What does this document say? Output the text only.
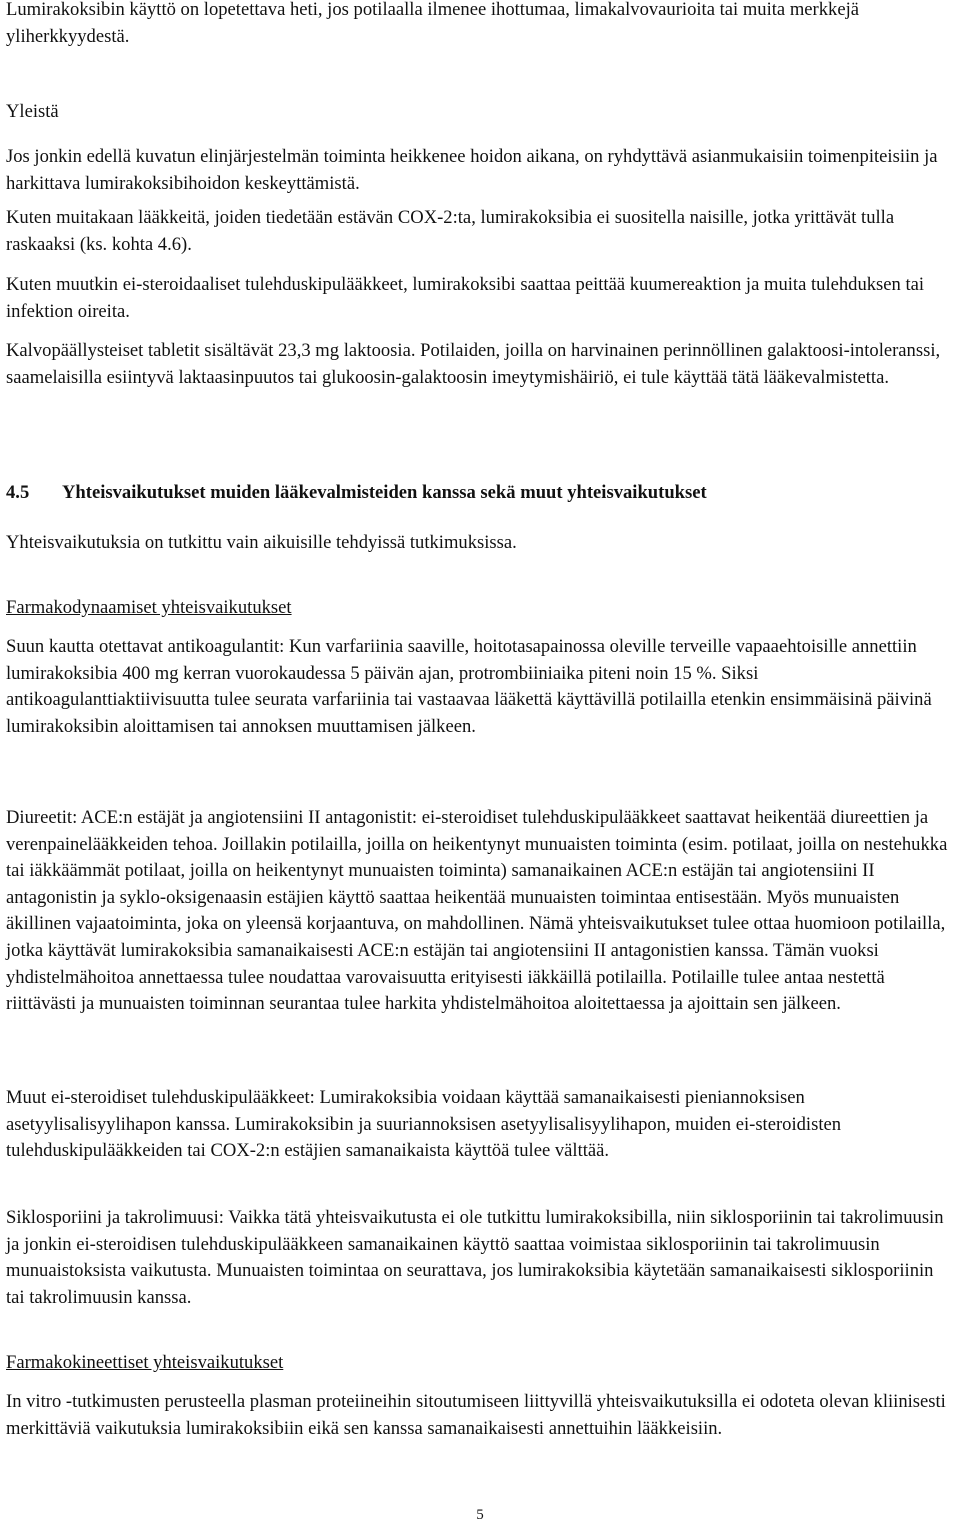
Lumirakoksibin käyttö on lopetettava heti, jos potilaalla ilmenee ihottumaa, limakalvovaurioita tai muita merkkejä yliherkkyydestä.

Yleistä

Jos jonkin edellä kuvatun elinjärjestelmän toiminta heikkenee hoidon aikana, on ryhdyttävä asianmukaisiin toimenpiteisiin ja harkittava lumirakoksibihoidon keskeyttämistä.

Kuten muitakaan lääkkeitä, joiden tiedetään estävän COX-2:ta, lumirakoksibia ei suositella naisille, jotka yrittävät tulla raskaaksi (ks. kohta 4.6).

Kuten muutkin ei-steroidaaliset tulehduskipulääkkeet, lumirakoksibi saattaa peittää kuumereaktion ja muita tulehduksen tai infektion oireita.

Kalvopäällysteiset tabletit sisältävät 23,3 mg laktoosia. Potilaiden, joilla on harvinainen perinnöllinen galaktoosi-intoleranssi, saamelaisilla esiintyvä laktaasinpuutos tai glukoosin-galaktoosin imeytymishäiriö, ei tule käyttää tätä lääkevalmistetta.

4.5 Yhteisvaikutukset muiden lääkevalmisteiden kanssa sekä muut yhteisvaikutukset

Yhteisvaikutuksia on tutkittu vain aikuisille tehdyissä tutkimuksissa.

Farmakodynaamiset yhteisvaikutukset

Suun kautta otettavat antikoagulantit: Kun varfariinia saaville, hoitotasapainossa oleville terveille vapaaehtoisille annettiin lumirakoksibia 400 mg kerran vuorokaudessa 5 päivän ajan, protrombiiniaika piteni noin 15 %. Siksi antikoagulanttiaktiivisuutta tulee seurata varfariinia tai vastaavaa lääkettä käyttävillä potilailla etenkin ensimmäisinä päivinä lumirakoksibin aloittamisen tai annoksen muuttamisen jälkeen.

Diureetit: ACE:n estäjät ja angiotensiini II antagonistit: ei-steroidiset tulehduskipulääkkeet saattavat heikentää diureettien ja verenpainelääkkeiden tehoa. Joillakin potilailla, joilla on heikentynyt munuaisten toiminta (esim. potilaat, joilla on nestehukka tai iäkkäämmät potilaat, joilla on heikentynyt munuaisten toiminta) samanaikainen ACE:n estäjän tai angiotensiini II antagonistin ja syklo-oksigenaasin estäjien käyttö saattaa heikentää munuaisten toimintaa entisestään. Myös munuaisten äkillinen vajaatoiminta, joka on yleensä korjaantuva, on mahdollinen. Nämä yhteisvaikutukset tulee ottaa huomioon potilailla, jotka käyttävät lumirakoksibia samanaikaisesti ACE:n estäjän tai angiotensiini II antagonistien kanssa. Tämän vuoksi yhdistelmähoitoa annettaessa tulee noudattaa varovaisuutta erityisesti iäkkäillä potilailla. Potilaille tulee antaa nestettä riittävästi ja munuaisten toiminnan seurantaa tulee harkita yhdistelmähoitoa aloitettaessa ja ajoittain sen jälkeen.

Muut ei-steroidiset tulehduskipulääkkeet: Lumirakoksibia voidaan käyttää samanaikaisesti pieniannoksisen asetyylisalisyylihapon kanssa. Lumirakoksibin ja suuriannoksisen asetyylisalisyylihapon, muiden ei-steroidisten tulehduskipulääkkeiden tai COX-2:n estäjien samanaikaista käyttöä tulee välttää.

Siklosporiini ja takrolimuusi: Vaikka tätä yhteisvaikutusta ei ole tutkittu lumirakoksibilla, niin siklosporiinin tai takrolimuusin ja jonkin ei-steroidisen tulehduskipulääkkeen samanaikainen käyttö saattaa voimistaa siklosporiinin tai takrolimuusin munuaistoksista vaikutusta. Munuaisten toimintaa on seurattava, jos lumirakoksibia käytetään samanaikaisesti siklosporiinin tai takrolimuusin kanssa.

Farmakokineettiset yhteisvaikutukset

In vitro -tutkimusten perusteella plasman proteiineihin sitoutumiseen liittyvillä yhteisvaikutuksilla ei odoteta olevan kliinisesti merkittäviä vaikutuksia lumirakoksibiin eikä sen kanssa samanaikaisesti annettuihin lääkkeisiin.

5
